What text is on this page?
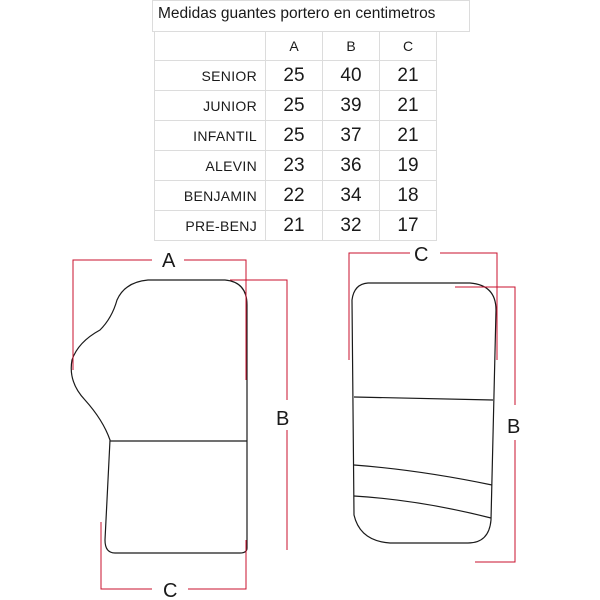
Medidas guantes portero en centimetros
	A	B	C
SENIOR	25	40	21
JUNIOR	25	39	21
INFANTIL	25	37	21
ALEVIN	23	36	19
BENJAMIN	22	34	18
PRE-BENJ	21	32	17
A
B
C
C
B
